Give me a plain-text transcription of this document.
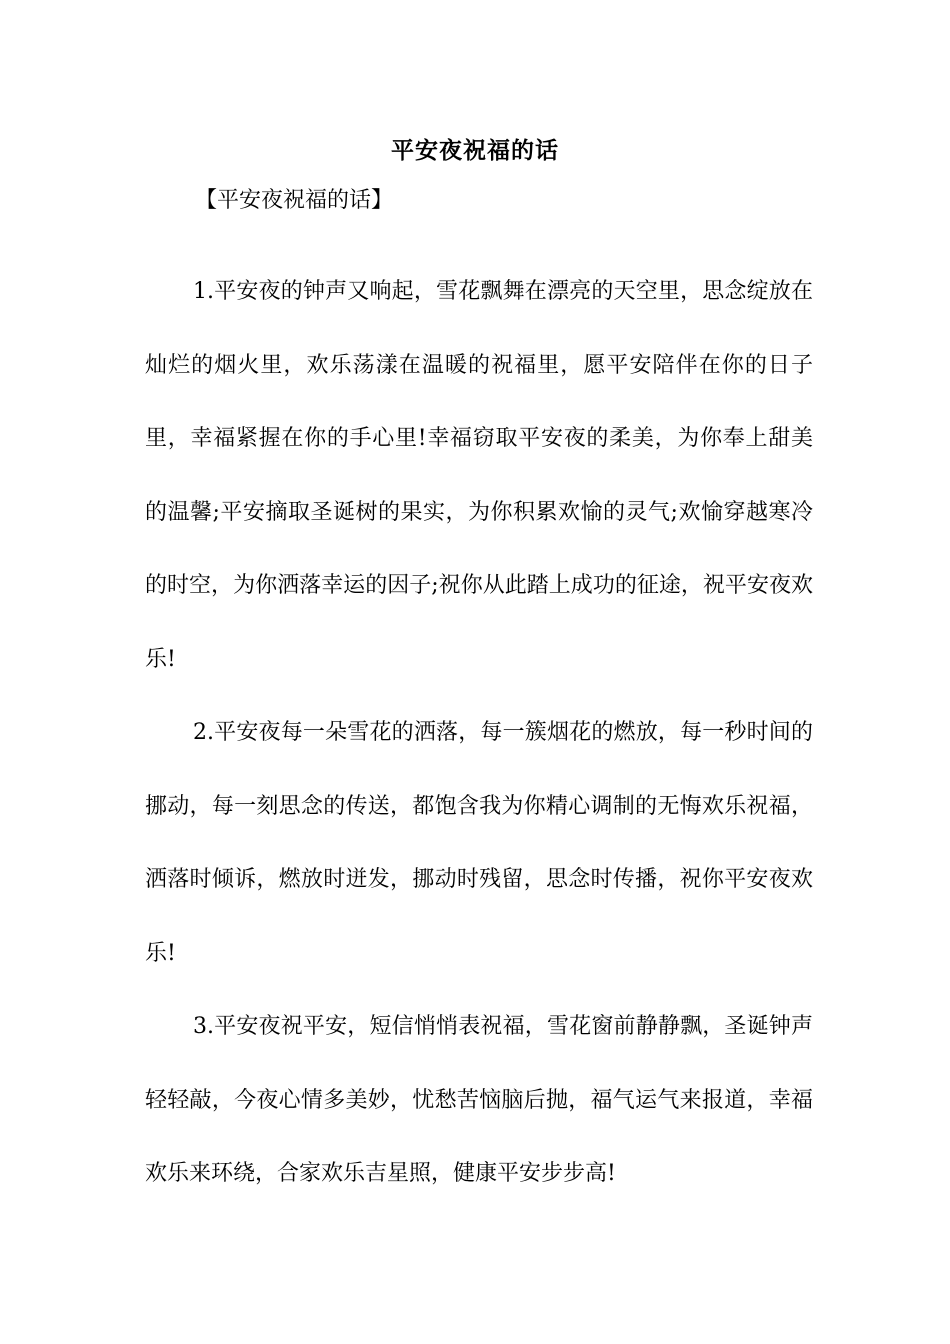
平安夜祝福的话
【平安夜祝福的话】

1.平安夜的钟声又响起，雪花飘舞在漂亮的天空里，思念绽放在灿烂的烟火里，欢乐荡漾在温暖的祝福里，愿平安陪伴在你的日子里，幸福紧握在你的手心里!幸福窃取平安夜的柔美，为你奉上甜美的温馨;平安摘取圣诞树的果实，为你积累欢愉的灵气;欢愉穿越寒冷的时空，为你洒落幸运的因子;祝你从此踏上成功的征途，祝平安夜欢乐!

2.平安夜每一朵雪花的洒落，每一簇烟花的燃放，每一秒时间的挪动，每一刻思念的传送，都饱含我为你精心调制的无悔欢乐祝福，洒落时倾诉，燃放时迸发，挪动时残留，思念时传播，祝你平安夜欢乐!

3.平安夜祝平安，短信悄悄表祝福，雪花窗前静静飘，圣诞钟声轻轻敲，今夜心情多美妙，忧愁苦恼脑后抛，福气运气来报道，幸福欢乐来环绕，合家欢乐吉星照，健康平安步步高!
